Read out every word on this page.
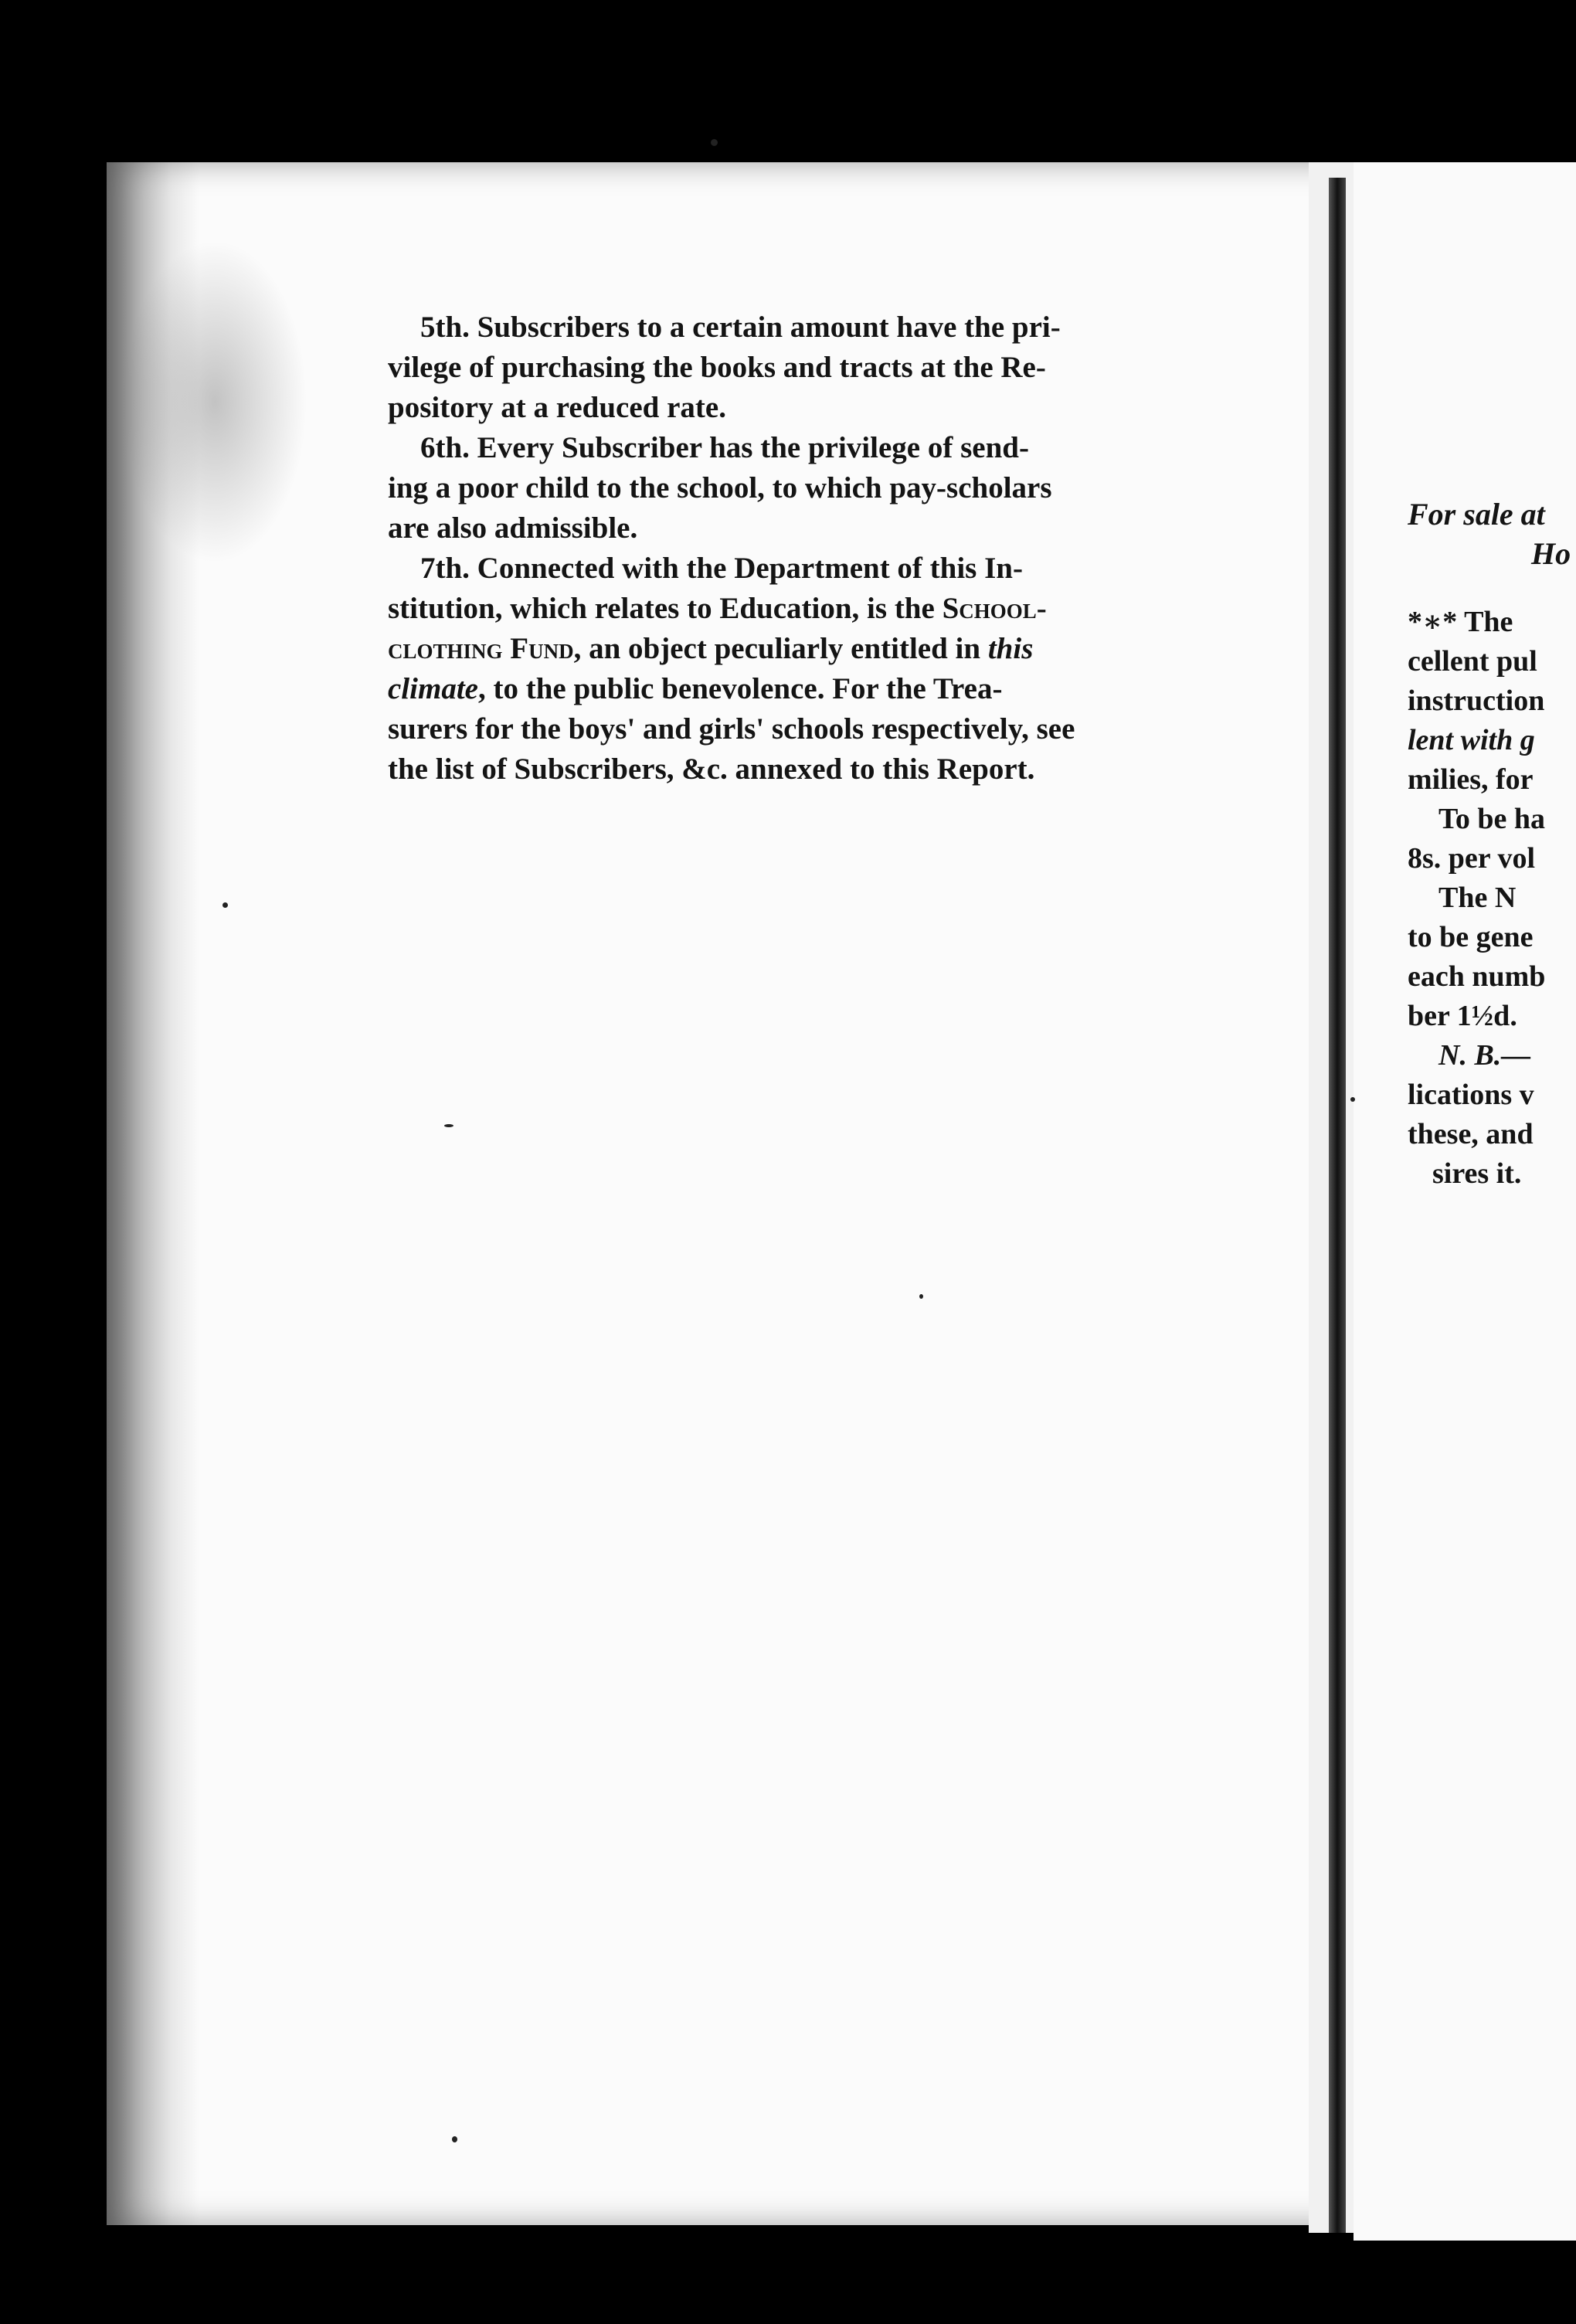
5th. Subscribers to a certain amount have the pri-
vilege of purchasing the books and tracts at the Re-
pository at a reduced rate.

6th. Every Subscriber has the privilege of send-
ing a poor child to the school, to which pay-scholars
are also admissible.

7th. Connected with the Department of this In-
stitution, which relates to Education, is the School-
clothing Fund, an object peculiarly entitled in this
climate, to the public benevolence. For the Trea-
surers for the boys' and girls' schools respectively, see
the list of Subscribers, &c. annexed to this Report.

For sale at
Ho
*∗* The
cellent pul
instruction
lent with g
milies, for
To be ha
8s. per vol
The N
to be gene
each numb
ber 1½d.
N. B.—
lications v
these, and
sires it.
